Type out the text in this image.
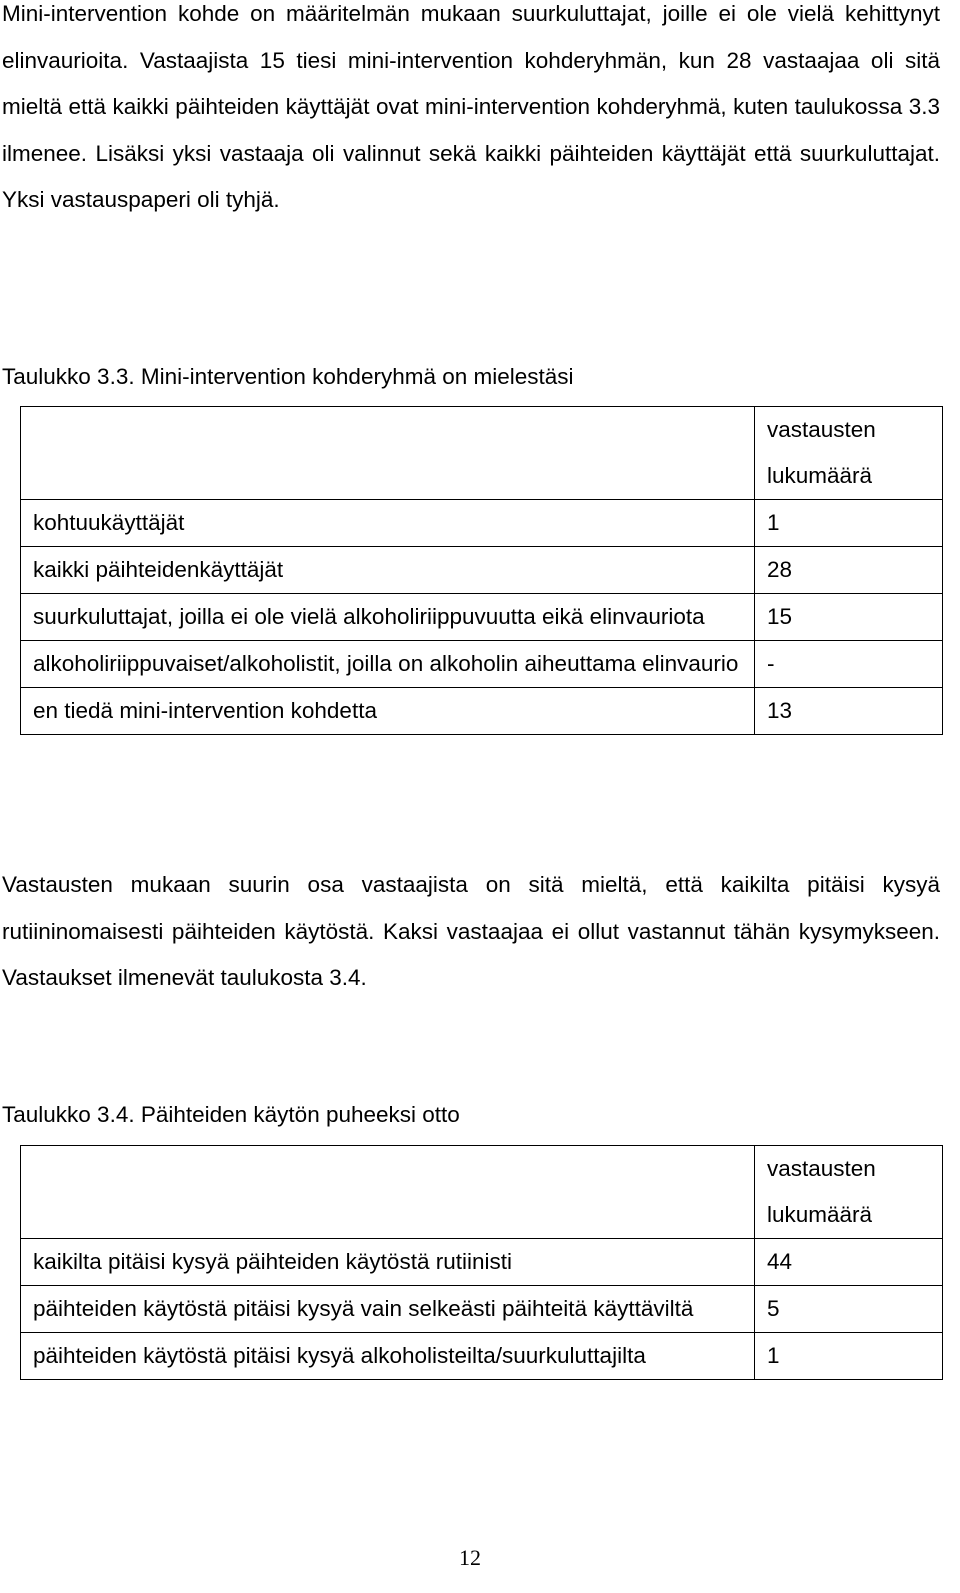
Mini-intervention kohde on määritelmän mukaan suurkuluttajat, joille ei ole vielä kehittynyt elinvaurioita. Vastaajista 15 tiesi mini-intervention kohderyhmän, kun 28 vastaajaa oli sitä mieltä että kaikki päihteiden käyttäjät ovat mini-intervention kohderyhmä, kuten taulukossa 3.3 ilmenee. Lisäksi yksi vastaaja oli valinnut sekä kaikki päihteiden käyttäjät että suurkuluttajat. Yksi vastauspaperi oli tyhjä.

Taulukko 3.3. Mini-intervention kohderyhmä on mielestäsi

	vastausten lukumäärä
kohtuukäyttäjät	1
kaikki päihteidenkäyttäjät	28
suurkuluttajat, joilla ei ole vielä alkoholiriippuvuutta eikä elinvauriota	15
alkoholiriippuvaiset/alkoholistit, joilla on alkoholin aiheuttama elinvaurio	-
en tiedä mini-intervention kohdetta	13

Vastausten mukaan suurin osa vastaajista on sitä mieltä, että kaikilta pitäisi kysyä rutiininomaisesti päihteiden käytöstä. Kaksi vastaajaa ei ollut vastannut tähän kysymykseen. Vastaukset ilmenevät taulukosta 3.4.

Taulukko 3.4. Päihteiden käytön puheeksi otto

	vastausten lukumäärä
kaikilta pitäisi kysyä päihteiden käytöstä rutiinisti	44
päihteiden käytöstä pitäisi kysyä vain selkeästi päihteitä käyttäviltä	5
päihteiden käytöstä pitäisi kysyä alkoholisteilta/suurkuluttajilta	1
12
